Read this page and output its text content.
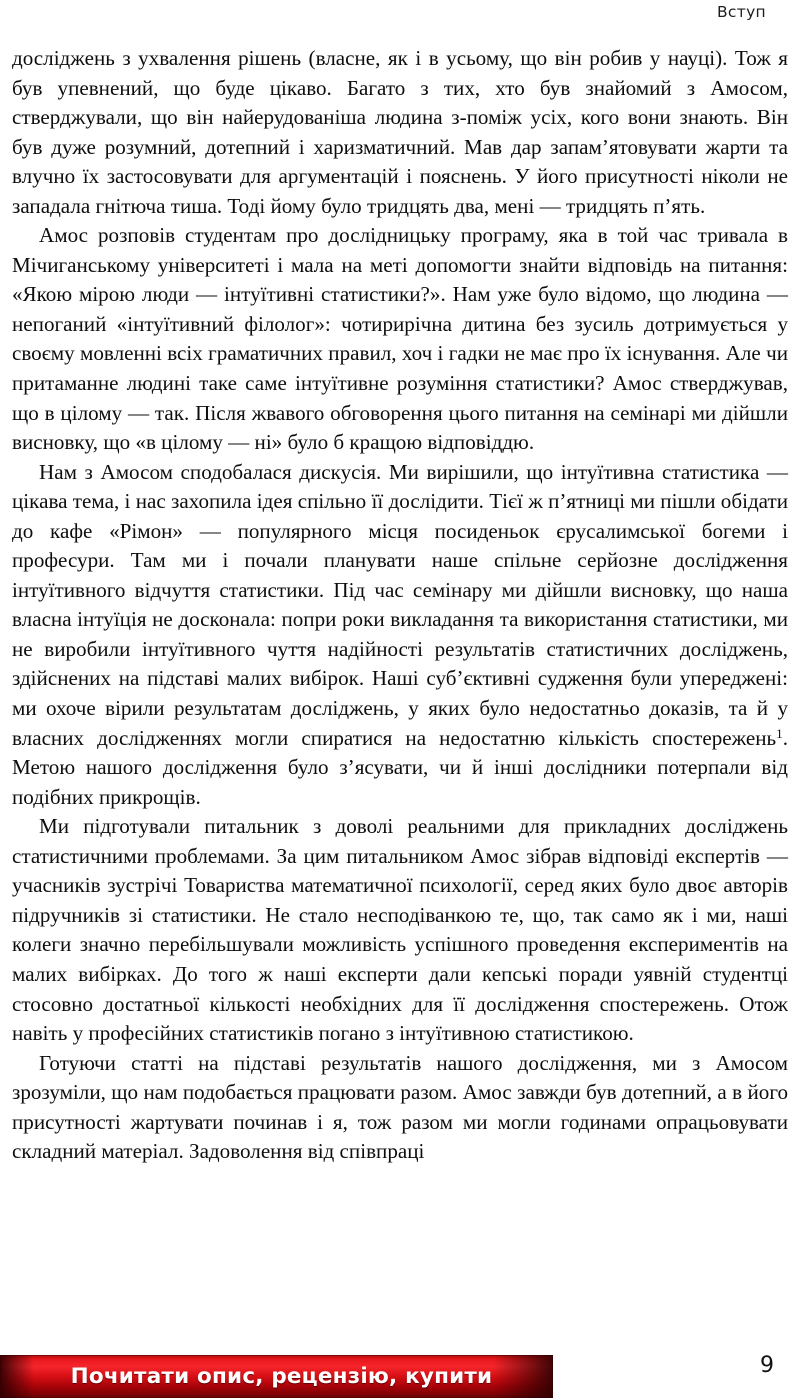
Вступ

досліджень з ухвалення рішень (власне, як і в усьому, що він робив у науці). Тож я був упевнений, що буде цікаво. Багато з тих, хто був знайомий з Амосом, стверджували, що він найерудованіша людина з-поміж усіх, кого вони знають. Він був дуже розумний, дотепний і харизматичний. Мав дар запам’ятовувати жарти та влучно їх застосовувати для аргументацій і пояснень. У його присутності ніколи не западала гнітюча тиша. Тоді йому було тридцять два, мені — тридцять п’ять.

Амос розповів студентам про дослідницьку програму, яка в той час тривала в Мічиганському університеті і мала на меті допомогти знайти відповідь на питання: «Якою мірою люди — інтуїтивні статистики?». Нам уже було відомо, що людина — непоганий «інтуїтивний філолог»: чотирирічна дитина без зусиль дотримується у своєму мовленні всіх граматичних правил, хоч і гадки не має про їх існування. Але чи притаманне людині таке саме інтуїтивне розуміння статистики? Амос стверджував, що в цілому — так. Після жвавого обговорення цього питання на семінарі ми дійшли висновку, що «в цілому — ні» було б кращою відповіддю.

Нам з Амосом сподобалася дискусія. Ми вирішили, що інтуїтивна статистика — цікава тема, і нас захопила ідея спільно її дослідити. Тієї ж п’ятниці ми пішли обідати до кафе «Рімон» — популярного місця посиденьок єрусалимської богеми і професури. Там ми і почали планувати наше спільне серйозне дослідження інтуїтивного відчуття статистики. Під час семінару ми дійшли висновку, що наша власна інтуїція не досконала: попри роки викладання та використання статистики, ми не виробили інтуїтивного чуття надійності результатів статистичних досліджень, здійснених на підставі малих вибірок. Наші суб’єктивні судження були упереджені: ми охоче вірили результатам досліджень, у яких було недостатньо доказів, та й у власних дослідженнях могли спиратися на недостатню кількість спостережень$^1$. Метою нашого дослідження було з’ясувати, чи й інші дослідники потерпали від подібних прикрощів.

Ми підготували питальник з доволі реальними для прикладних досліджень статистичними проблемами. За цим питальником Амос зібрав відповіді експертів — учасників зустрічі Товариства математичної психології, серед яких було двоє авторів підручників зі статистики. Не стало несподіванкою те, що, так само як і ми, наші колеги значно перебільшували можливість успішного проведення експериментів на малих вибірках. До того ж наші експерти дали кепські поради уявній студентці стосовно достатньої кількості необхідних для її дослідження спостережень. Отож навіть у професійних статистиків погано з інтуїтивною статистикою.

Готуючи статті на підставі результатів нашого дослідження, ми з Амосом зрозуміли, що нам подобається працювати разом. Амос завжди був дотепний, а в його присутності жартувати починав і я, тож разом ми могли годинами опрацьовувати складний матеріал. Задоволення від співпраці

Почитати опис, рецензію, купити	9
